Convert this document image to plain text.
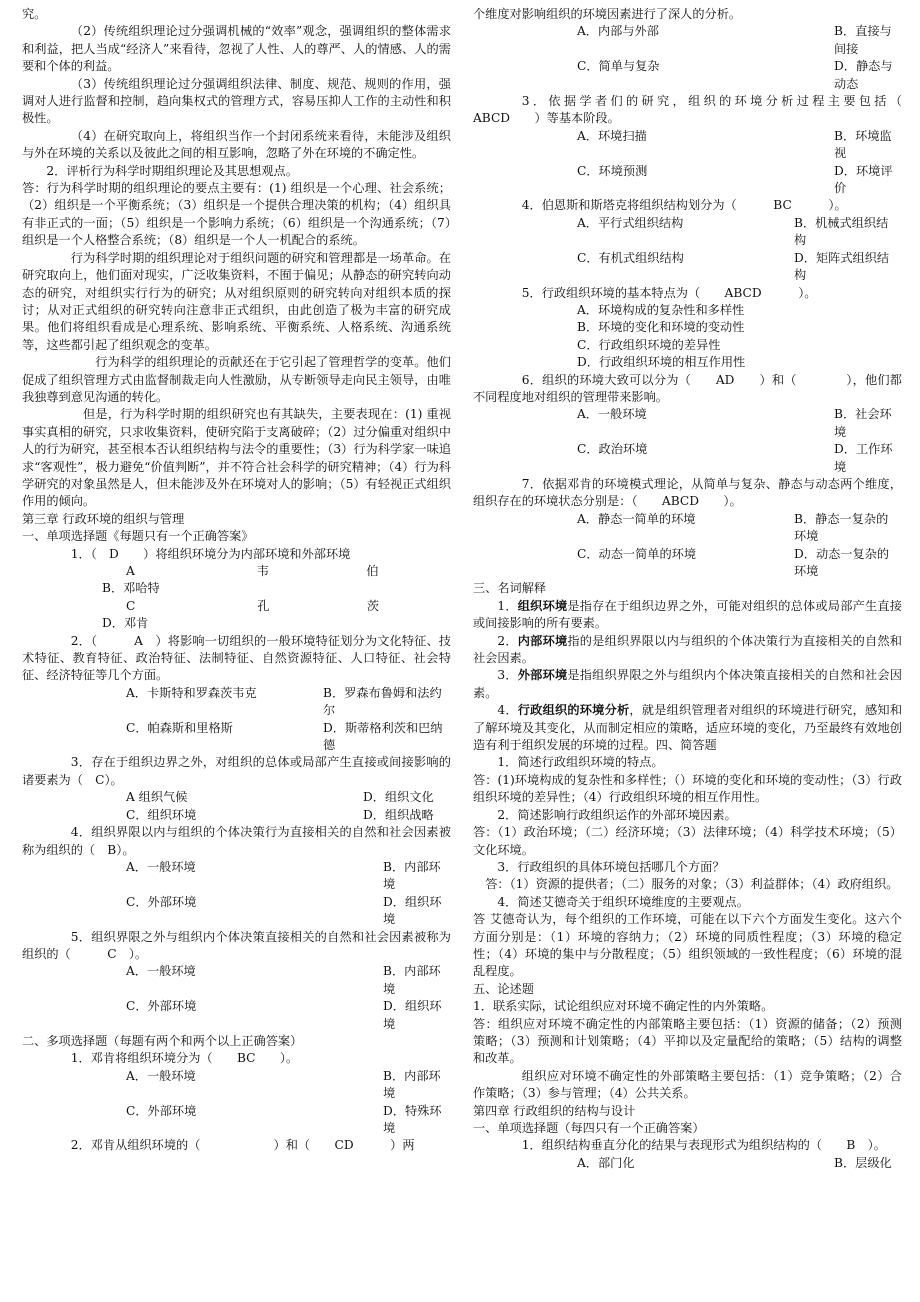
究。

（2）传统组织理论过分强调机械的“效率”观念，强调组织的整体需求和利益，把人当成“经济人”来看待，忽视了人性、人的尊严、人的情感、人的需要和个体的利益。

（3）传统组织理论过分强调组织法律、制度、规范、规则的作用，强调对人进行监督和控制，趋向集权式的管理方式，容易压抑人工作的主动性和积极性。

（4）在研究取向上，将组织当作一个封闭系统来看待，未能涉及组织与外在环境的关系以及彼此之间的相互影响，忽略了外在环境的不确定性。

2．评析行为科学时期组织理论及其思想观点。

答：行为科学时期的组织理论的要点主要有：(1) 组织是一个心理、社会系统；（2）组织是一个平衡系统；（3）组织是一个提供合理决策的机构；（4）组织具有非正式的一面；（5）组织是一个影响力系统；（6）组织是一个沟通系统；（7）组织是一个人格整合系统；（8）组织是一个人一机配合的系统。

行为科学时期的组织理论对于组织问题的研究和管理都是一场革命。在研究取向上，他们面对现实，广泛收集资料，不囿于偏见；从静态的研究转向动态的研究，对组织实行行为的研究；从对组织原则的研究转向对组织本质的探讨；从对正式组织的研究转向注意非正式组织，由此创造了极为丰富的研究成果。他们将组织看成是心理系统、影响系统、平衡系统、人格系统、沟通系统等，这些都引起了组织观念的变革。

行为科学的组织理论的贡献还在于它引起了管理哲学的变革。他们促成了组织管理方式由监督制裁走向人性激励，从专断领导走向民主领导，由唯我独尊到意见沟通的转化。

但是，行为科学时期的组织研究也有其缺失，主要表现在：(1) 重视事实真相的研究，只求收集资料，使研究陷于支离破碎；（2）过分偏重对组织中人的行为研究，甚至根本否认组织结构与法令的重要性；（3）行为科学家一味追求“客观性”，极力避免“价值判断”，并不符合社会科学的研究精神；（4）行为科学研究的对象虽然是人，但未能涉及外在环境对人的影响；（5）有轻视正式组织作用的倾向。

第三章 行政环境的组织与管理

一、单项选择题《每题只有一个正确答案》

1．（　D　　）将组织环境分为内部环境和外部环境

A　　　　　　　　　　韦　　　　　　　　伯

B．邓哈特

C　　　　　　　　　　孔　　　　　　　　茨

D．邓肯

2．（　　　A　）将影响一切组织的一般环境特征划分为文化特征、技术特征、教育特征、政治特征、法制特征、自然资源特征、人口特征、社会特征、经济特征等几个方面。

A．卡斯特和罗森茨韦克	B．罗森布鲁姆和法约尔
C．帕森斯和里格斯	D．斯蒂格利茨和巴纳德

3．存在于组织边界之外，对组织的总体或局部产生直接或间接影响的诸要素为（　C）。

A 组织气候	D．组织文化
C．组织环境	D．组织战略

4．组织界限以内与组织的个体决策行为直接相关的自然和社会因素被称为组织的（　B）。

A．一般环境	B．内部环境
C．外部环境	D．组织环境

5．组织界限之外与组织内个体决策直接相关的自然和社会因素被称为组织的（　　　C　）。

A．一般环境	B．内部环境
C．外部环境	D．组织环境

二、多项选择题（每题有两个和两个以上正确答案）

1．邓肯将组织环境分为（　　BC　　）。

A．一般环境	B．内部环境
C．外部环境	D．特殊环境

2．邓肯从组织环境的（　　　　　　）和（　　CD　　　）两

个维度对影响组织的环境因素进行了深人的分析。

A．内部与外部	B．直接与间接
C．简单与复杂	D．静态与动态

3．依据学者们的研究，组织的环境分析过程主要包括（　　ABCD　　）等基本阶段。

A．环境扫描	B．环境监视
C．环境预测	D．环境评价

4．伯恩斯和斯塔克将组织结构划分为（　　　BC　　　）。

A．平行式组织结构	B．机械式组织结构
C．有机式组织结构	D．矩阵式组织结构

5．行政组织环境的基本特点为（　　ABCD　　　）。

A．环境构成的复杂性和多样性

B．环境的变化和环境的变动性

C．行政组织环境的差异性

D．行政组织环境的相互作用性

6．组织的环境大致可以分为（　　AD　　）和（　　　　），他们都不同程度地对组织的管理带来影响。

A．一般环境	B．社会环境
C．政治环境	D．工作环境

7．依据邓肯的环境模式理论，从简单与复杂、静态与动态两个维度，组织存在的环境状态分别是：（　　ABCD　　）。

A．静态一简单的环境	B．静态一复杂的环境
C．动态一简单的环境	D．动态一复杂的环境

三、名词解释

1．组织环境是指存在于组织边界之外，可能对组织的总体或局部产生直接或间接影响的所有要素。

2．内部环境指的是组织界限以内与组织的个体决策行为直接相关的自然和社会因素。

3．外部环境是指组织界限之外与组织内个体决策直接相关的自然和社会因素。

4．行政组织的环境分析，就是组织管理者对组织的环境进行研究，感知和了解环境及其变化，从而制定相应的策略，适应环境的变化，乃至最终有效地创造有利于组织发展的环境的过程。四、简答题

1．简述行政组织环境的特点。

答：(1)环境构成的复杂性和多样性；（）环境的变化和环境的变动性；（3）行政组织环境的差异性；（4）行政组织环境的相互作用性。

2．简述影响行政组织运作的外部环境因素。

答：（1）政治环境；（二）经济环境；（3）法律环境；（4）科学技术环境；（5）文化环境。

3．行政组织的具体环境包括哪几个方面？

答：（1）资源的提供者；（二）服务的对象；（3）利益群体；（4）政府组织。

4．简述艾德奇关于组织环境维度的主要观点。

答 艾德奇认为，每个组织的工作环境，可能在以下六个方面发生变化。这六个方面分别是：（1）环境的容纳力；（2）环境的同质性程度；（3）环境的稳定性；（4）环境的集中与分散程度；（5）组织领域的一致性程度；（6）环境的混乱程度。

五、论述题

1．联系实际，试论组织应对环境不确定性的内外策略。

答：组织应对环境不确定性的内部策略主要包括：（1）资源的储备；（2）预测策略；（3）预测和计划策略；（4）平抑以及定量配给的策略；（5）结构的调整和改革。

组织应对环境不确定性的外部策略主要包括：（1）竞争策略；（2）合作策略；（3）参与管理；（4）公共关系。

第四章 行政组织的结构与设计

一、单项选择题（每四只有一个正确答案）

1．组织结构垂直分化的结果与表现形式为组织结构的（　　B　）。

A．部门化	B．层级化
